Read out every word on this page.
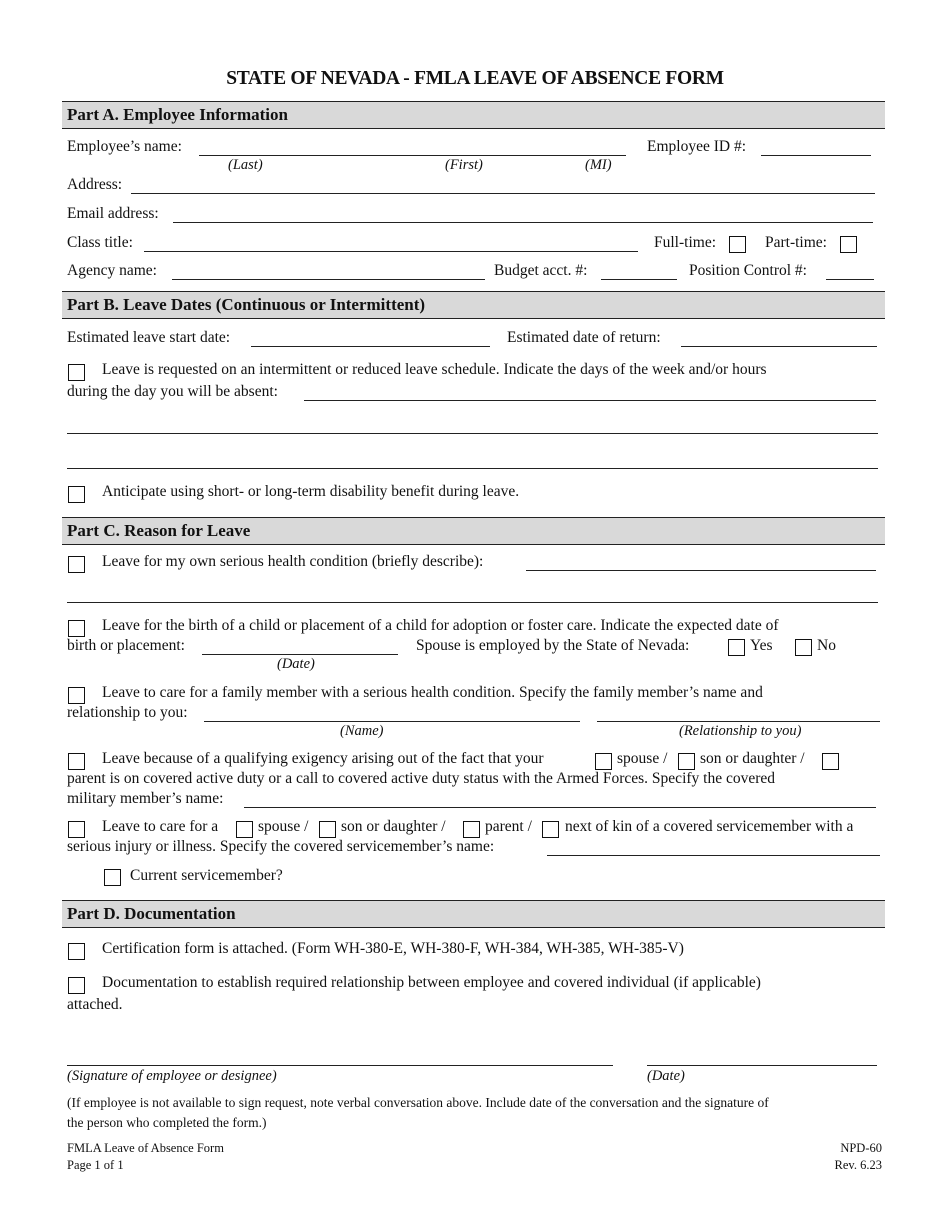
STATE OF NEVADA - FMLA LEAVE OF ABSENCE FORM
Part A. Employee Information
Employee’s name:
(Last)	(First)	(MI)
Employee ID #:
Address:
Email address:
Class title:	Full-time:	Part-time:
Agency name:	Budget acct. #:	Position Control #:
Part B. Leave Dates (Continuous or Intermittent)
Estimated leave start date:	Estimated date of return:
Leave is requested on an intermittent or reduced leave schedule. Indicate the days of the week and/or hours
during the day you will be absent:
Anticipate using short- or long-term disability benefit during leave.
Part C. Reason for Leave
Leave for my own serious health condition (briefly describe):
Leave for the birth of a child or placement of a child for adoption or foster care. Indicate the expected date of
birth or placement:
(Date)
Spouse is employed by the State of Nevada:	Yes	No
Leave to care for a family member with a serious health condition. Specify the family member’s name and
relationship to you:
(Name)	(Relationship to you)
Leave because of a qualifying exigency arising out of the fact that your	spouse / son or daughter /
parent is on covered active duty or a call to covered active duty status with the Armed Forces. Specify the covered
military member’s name:
Leave to care for a	spouse / son or daughter /	parent / next of kin of a covered servicemember with a
serious injury or illness. Specify the covered servicemember’s name:
Current servicemember?
Part D. Documentation
Certification form is attached. (Form WH-380-E, WH-380-F, WH-384, WH-385, WH-385-V)
Documentation to establish required relationship between employee and covered individual (if applicable)
attached.
(Signature of employee or designee)	(Date)
(If employee is not available to sign request, note verbal conversation above. Include date of the conversation and the signature of
the person who completed the form.)
FMLA Leave of Absence Form
Page 1 of 1
NPD-60
Rev. 6.23
